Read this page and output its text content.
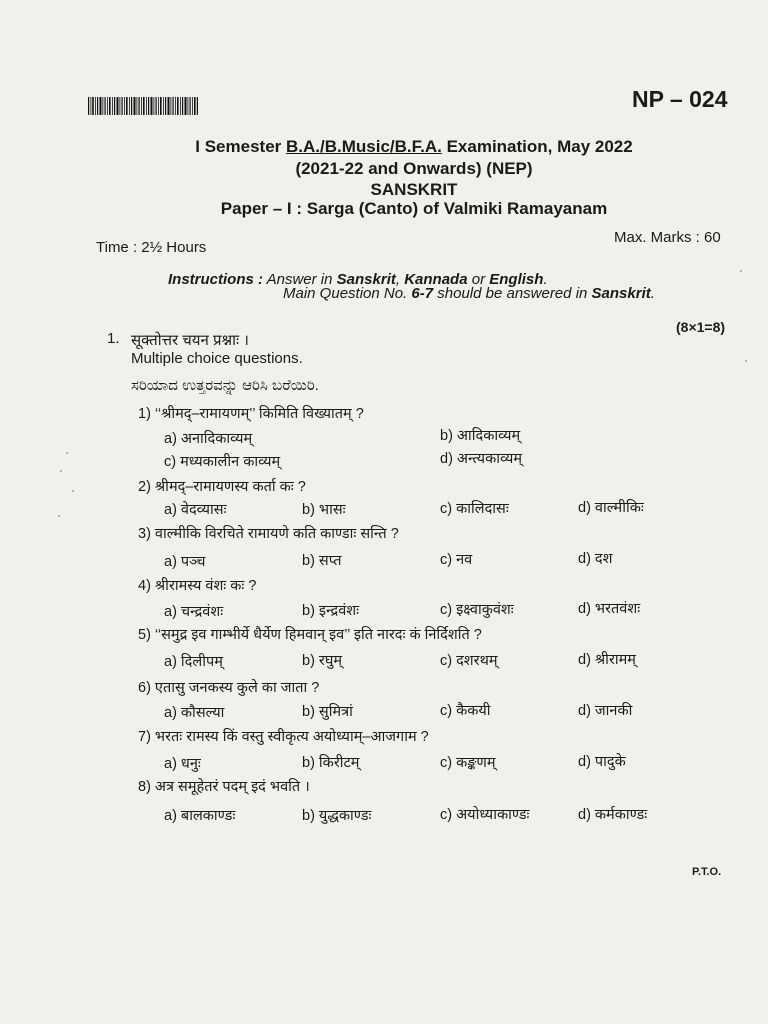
NP – 024
I Semester B.A./B.Music/B.F.A. Examination, May 2022
(2021-22 and Onwards) (NEP)
SANSKRIT
Paper – I : Sarga (Canto) of Valmiki Ramayanam
Time : 2½ Hours
Max. Marks : 60
Instructions : Answer in Sanskrit, Kannada or English.
Main Question No. 6-7 should be answered in Sanskrit.
1. सूक्तोत्तर चयन प्रश्नाः ।
Multiple choice questions.
ಸರಿಯಾದ ಉತ್ತರವನ್ನು ಆರಿಸಿ ಬರೆಯಿರಿ.
(8×1=8)
1) ‘‘श्रीमद्–रामायणम्’’ किमिति विख्यातम् ?
a) अनादिकाव्यम्	b) आदिकाव्यम्
c) मध्यकालीन काव्यम्	d) अन्त्यकाव्यम्
2) श्रीमद्–रामायणस्य कर्ता कः ?
a) वेदव्यासः	b) भासः	c) कालिदासः	d) वाल्मीकिः
3) वाल्मीकि विरचिते रामायणे कति काण्डाः सन्ति ?
a) पञ्च	b) सप्त	c) नव	d) दश
4) श्रीरामस्य वंशः कः ?
a) चन्द्रवंशः	b) इन्द्रवंशः	c) इक्ष्वाकुवंशः	d) भरतवंशः
5) ‘‘समुद्र इव गाम्भीर्ये धैर्येण हिमवान् इव’’ इति नारदः कं निर्दिशति ?
a) दिलीपम्	b) रघुम्	c) दशरथम्	d) श्रीरामम्
6) एतासु जनकस्य कुले का जाता ?
a) कौसल्या	b) सुमित्रां	c) कैकयी	d) जानकी
7) भरतः रामस्य किं वस्तु स्वीकृत्य अयोध्याम्–आजगाम ?
a) धनुः	b) किरीटम्	c) कङ्कणम्	d) पादुके
8) अत्र समूहेतरं पदम् इदं भवति ।
a) बालकाण्डः	b) युद्धकाण्डः	c) अयोध्याकाण्डः	d) कर्मकाण्डः
P.T.O.
